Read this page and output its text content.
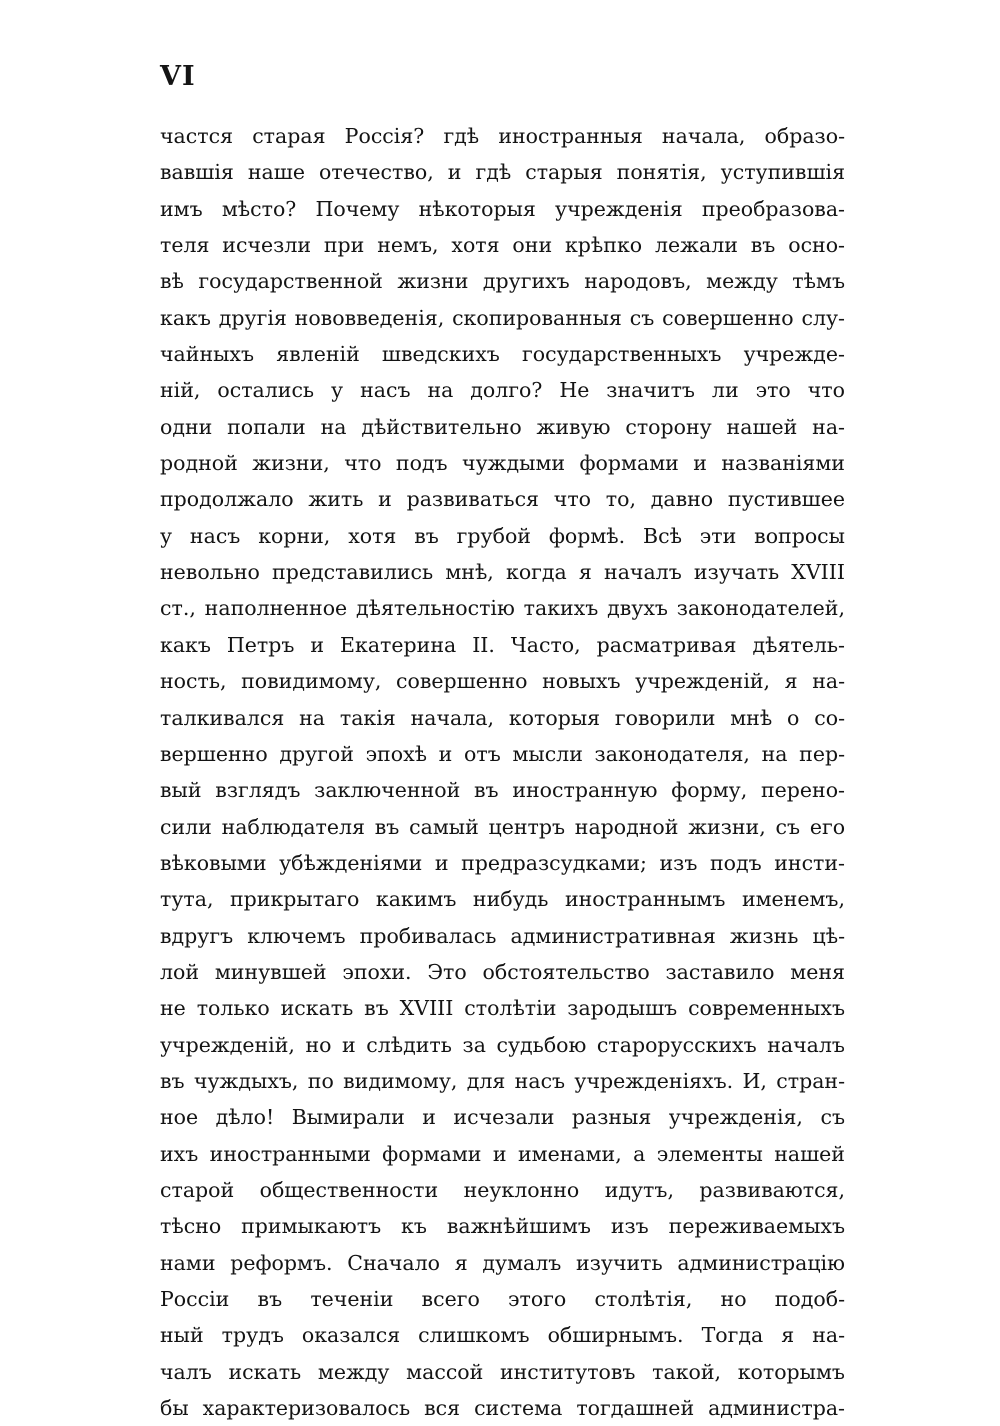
VI
частся старая Россія? гдѣ иностранныя начала, образо-
вавшія наше отечество, и гдѣ старыя понятія, уступившія
имъ мѣсто? Почему нѣкоторыя учрежденія преобразова-
теля исчезли при немъ, хотя они крѣпко лежали въ осно-
вѣ государственной жизни другихъ народовъ, между тѣмъ
какъ другія нововведенія, скопированныя съ совершенно слу-
чайныхъ явленій шведскихъ государственныхъ учрежде-
ній, остались у насъ на долго? Не значитъ ли это что
одни попали на дѣйствительно живую сторону нашей на-
родной жизни, что подъ чуждыми формами и названіями
продолжало жить и развиваться что то, давно пустившее
у насъ корни, хотя въ грубой формѣ. Всѣ эти вопросы
невольно представились мнѣ, когда я началъ изучать XVIII
ст., наполненное дѣятельностію такихъ двухъ законодателей,
какъ Петръ и Екатерина II. Часто, расматривая дѣятель-
ность, повидимому, совершенно новыхъ учрежденій, я на-
талкивался на такія начала, которыя говорили мнѣ о со-
вершенно другой эпохѣ и отъ мысли законодателя, на пер-
вый взглядъ заключенной въ иностранную форму, перено-
сили наблюдателя въ самый центръ народной жизни, съ его
вѣковыми убѣжденіями и предразсудками; изъ подъ инсти-
тута, прикрытаго какимъ нибудь иностраннымъ именемъ,
вдругъ ключемъ пробивалась административная жизнь цѣ-
лой минувшей эпохи. Это обстоятельство заставило меня
не только искать въ XVIII столѣтіи зародышъ современныхъ
учрежденій, но и слѣдить за судьбою старорусскихъ началъ
въ чуждыхъ, по видимому, для насъ учрежденіяхъ. И, стран-
ное дѣло! Вымирали и исчезали разныя учрежденія, съ
ихъ иностранными формами и именами, а элементы нашей
старой общественности неуклонно идутъ, развиваются,
тѣсно примыкаютъ къ важнѣйшимъ изъ переживаемыхъ
нами реформъ. Сначало я думалъ изучить администрацію
Россіи въ теченіи всего этого столѣтія, но подоб-
ный трудъ оказался слишкомъ обширнымъ. Тогда я на-
чалъ искать между массой институтовъ такой, которымъ
бы характеризовалось вся система тогдашней администра-
